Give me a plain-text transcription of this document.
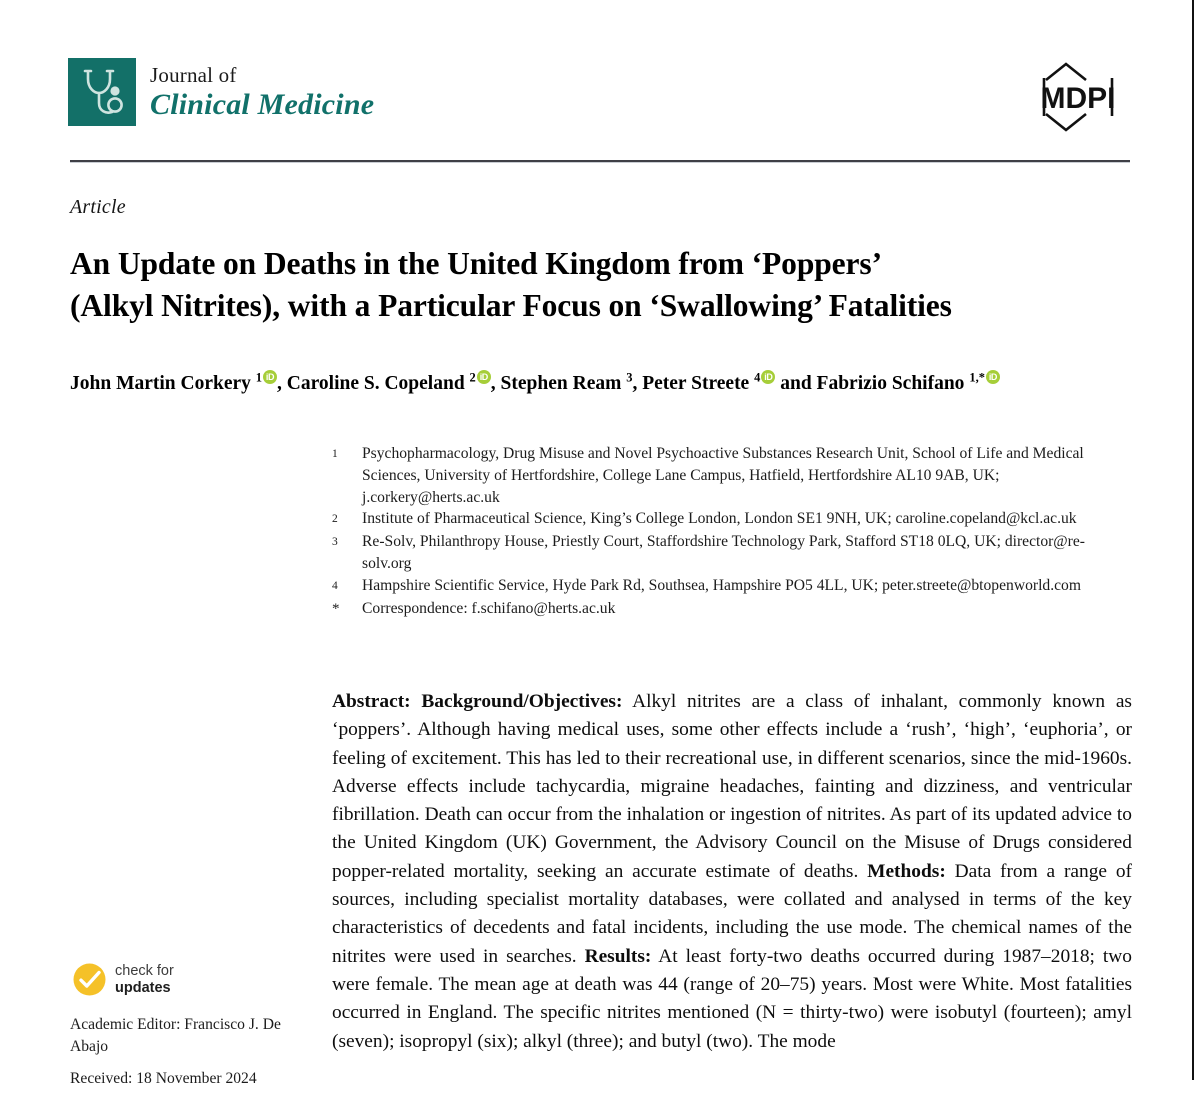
Journal of
Clinical Medicine	MDPI
Article
An Update on Deaths in the United Kingdom from ‘Poppers’ (Alkyl Nitrites), with a Particular Focus on ‘Swallowing’ Fatalities
John Martin Corkery $^1$ iD , Caroline S. Copeland $^2$ iD , Stephen Ream $^3$, Peter Streete $^4$ iD and Fabrizio Schifano $^{1,*}$ iD
1	Psychopharmacology, Drug Misuse and Novel Psychoactive Substances Research Unit, School of Life and Medical Sciences, University of Hertfordshire, College Lane Campus, Hatfield, Hertfordshire AL10 9AB, UK; j.corkery@herts.ac.uk
2	Institute of Pharmaceutical Science, King’s College London, London SE1 9NH, UK; caroline.copeland@kcl.ac.uk
3	Re-Solv, Philanthropy House, Priestly Court, Staffordshire Technology Park, Stafford ST18 0LQ, UK; director@re-solv.org
4	Hampshire Scientific Service, Hyde Park Rd, Southsea, Hampshire PO5 4LL, UK; peter.streete@btopenworld.com
*	Correspondence: f.schifano@herts.ac.uk
Abstract: Background/Objectives: Alkyl nitrites are a class of inhalant, commonly known as ‘poppers’. Although having medical uses, some other effects include a ‘rush’, ‘high’, ‘euphoria’, or feeling of excitement. This has led to their recreational use, in different scenarios, since the mid-1960s. Adverse effects include tachycardia, migraine headaches, fainting and dizziness, and ventricular fibrillation. Death can occur from the inhalation or ingestion of nitrites. As part of its updated advice to the United Kingdom (UK) Government, the Advisory Council on the Misuse of Drugs considered popper-related mortality, seeking an accurate estimate of deaths. Methods: Data from a range of sources, including specialist mortality databases, were collated and analysed in terms of the key characteristics of decedents and fatal incidents, including the use mode. The chemical names of the nitrites were used in searches. Results: At least forty-two deaths occurred during 1987–2018; two were female. The mean age at death was 44 (range of 20–75) years. Most were White. Most fatalities occurred in England. The specific nitrites mentioned (N = thirty-two) were isobutyl (fourteen); amyl (seven); isopropyl (six); alkyl (three); and butyl (two). The mode
check for
updates
Academic Editor: Francisco J. De Abajo
Received: 18 November 2024
